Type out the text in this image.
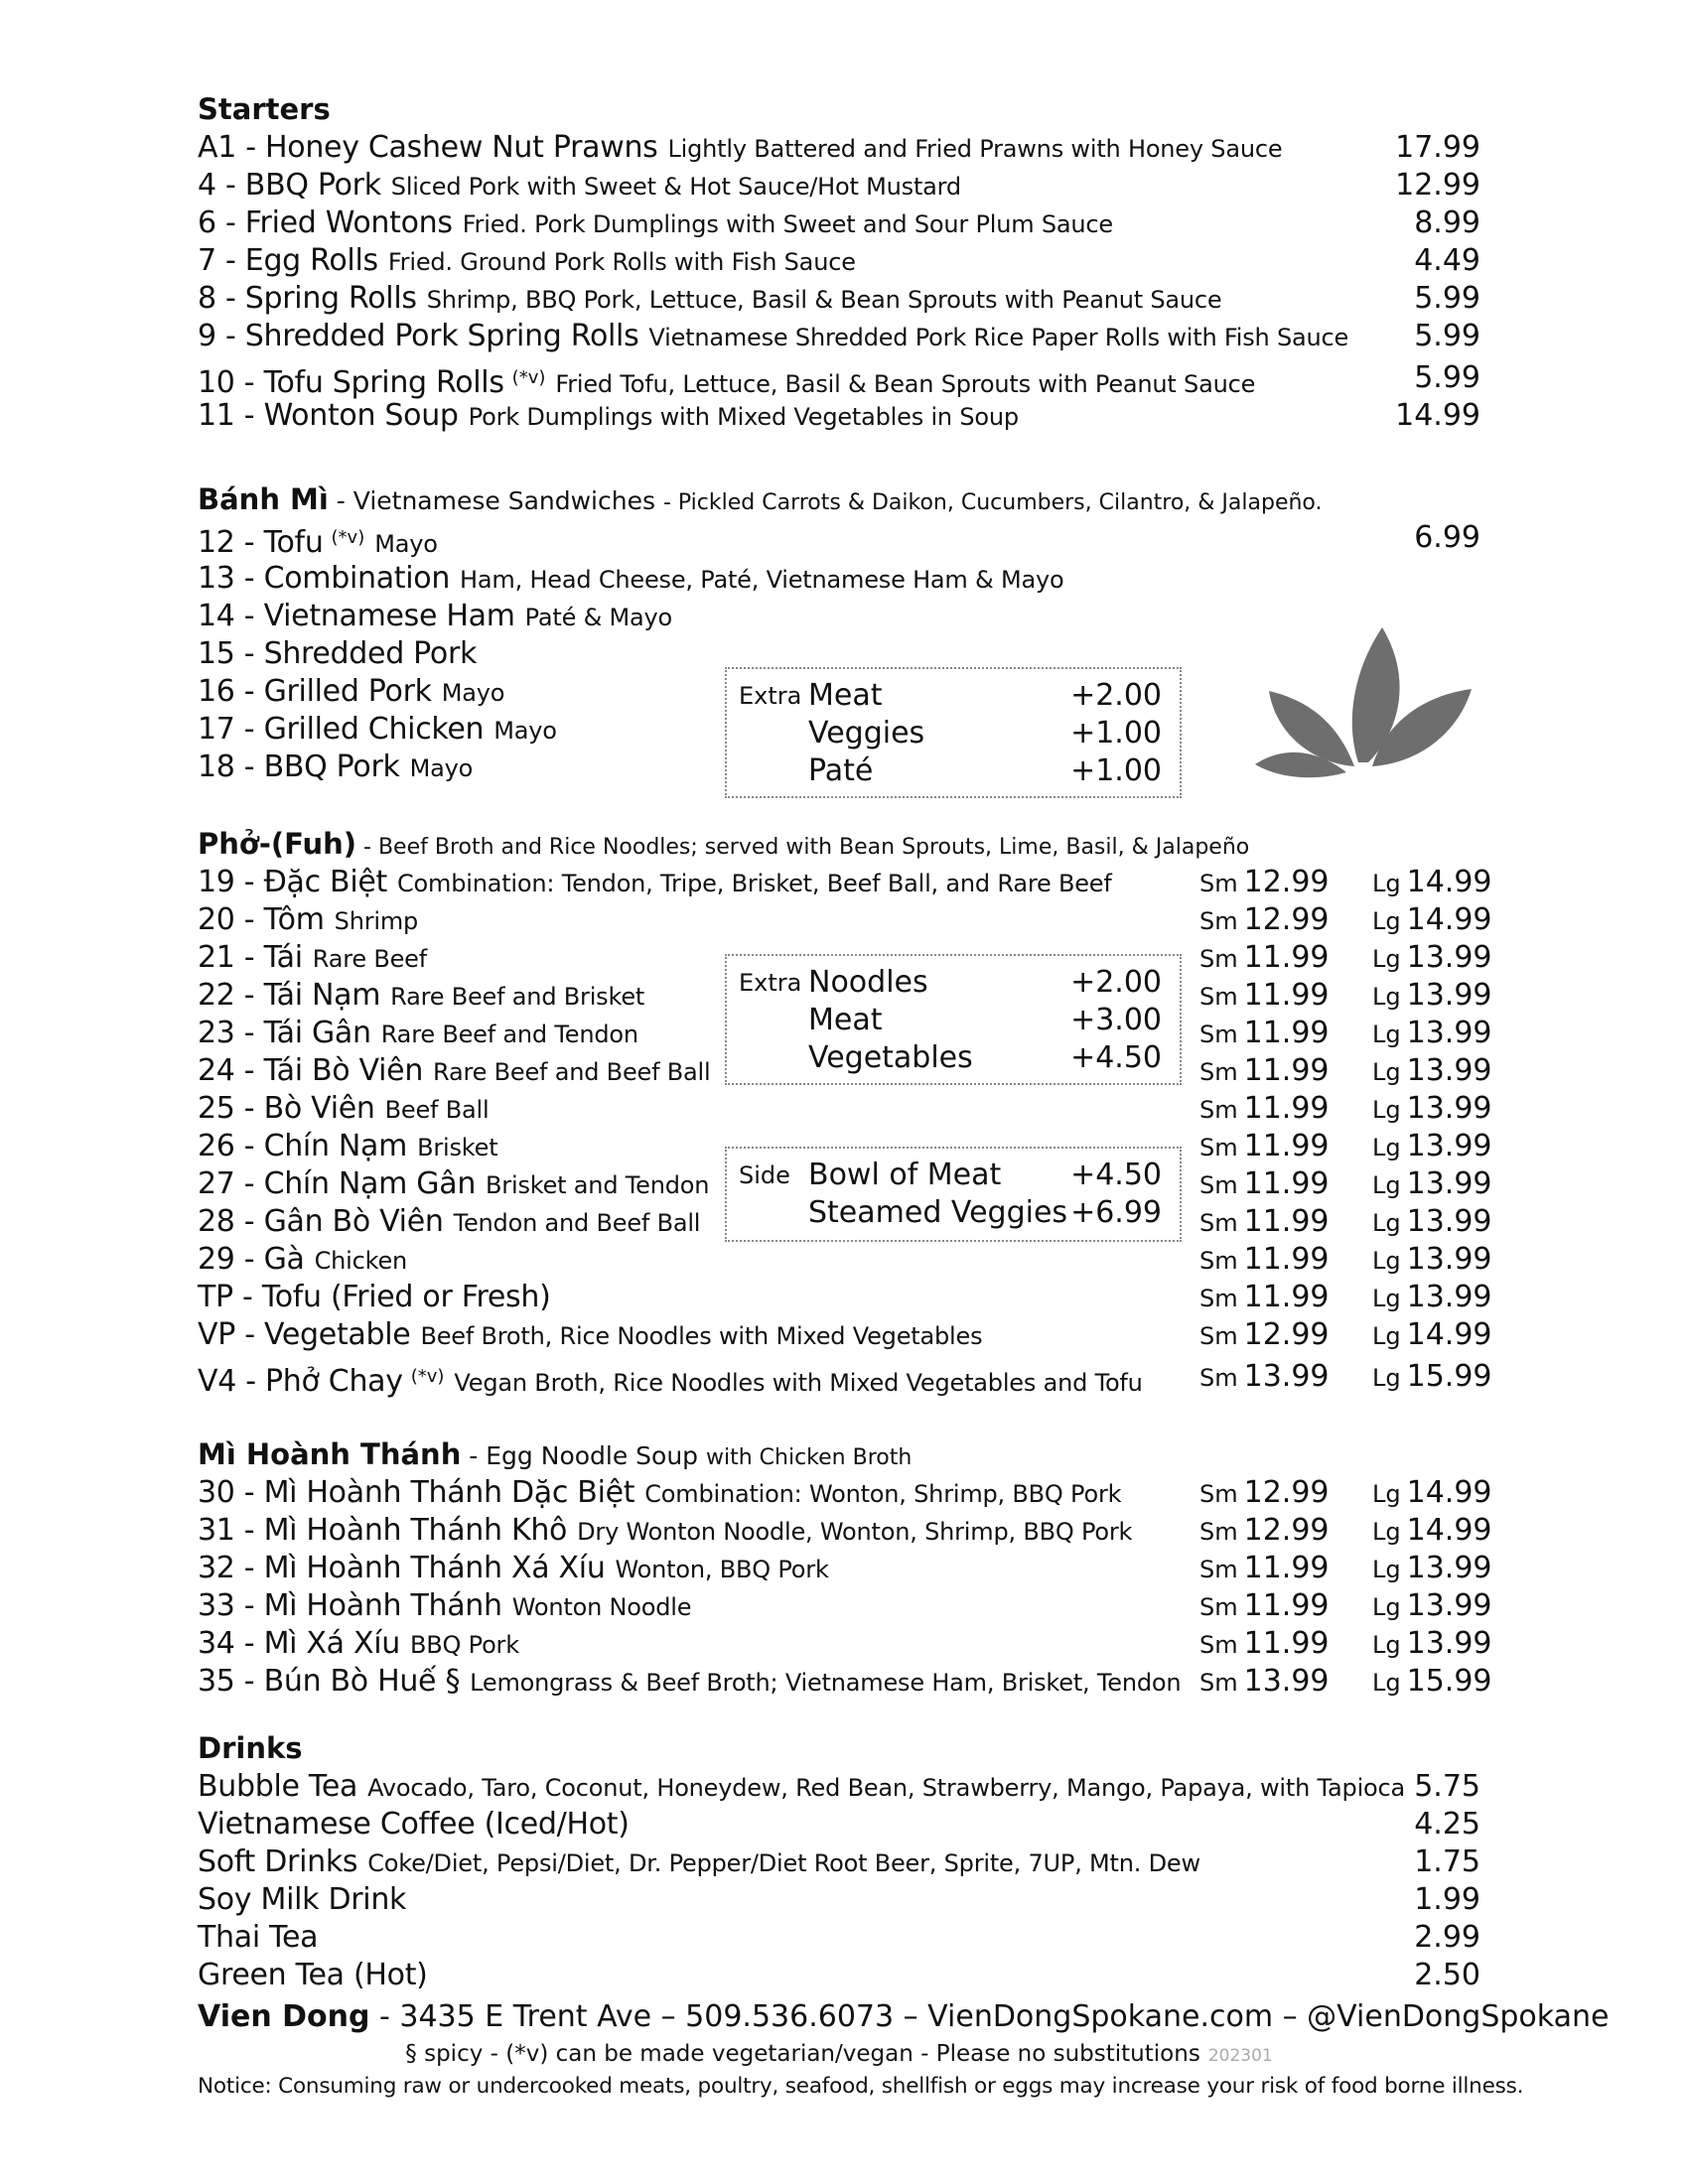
Starters
A1 - Honey Cashew Nut Prawns Lightly Battered and Fried Prawns with Honey Sauce	17.99
4 - BBQ Pork Sliced Pork with Sweet & Hot Sauce/Hot Mustard	12.99
6 - Fried Wontons Fried. Pork Dumplings with Sweet and Sour Plum Sauce	8.99
7 - Egg Rolls Fried. Ground Pork Rolls with Fish Sauce	4.49
8 - Spring Rolls Shrimp, BBQ Pork, Lettuce, Basil & Bean Sprouts with Peanut Sauce	5.99
9 - Shredded Pork Spring Rolls Vietnamese Shredded Pork Rice Paper Rolls with Fish Sauce	5.99
10 - Tofu Spring Rolls (*v) Fried Tofu, Lettuce, Basil & Bean Sprouts with Peanut Sauce	5.99
11 - Wonton Soup Pork Dumplings with Mixed Vegetables in Soup	14.99
Bánh Mì - Vietnamese Sandwiches - Pickled Carrots & Daikon, Cucumbers, Cilantro, & Jalapeño.
12 - Tofu (*v) Mayo	6.99
13 - Combination Ham, Head Cheese, Paté, Vietnamese Ham & Mayo
14 - Vietnamese Ham Paté & Mayo
15 - Shredded Pork
16 - Grilled Pork Mayo
17 - Grilled Chicken Mayo
18 - BBQ Pork Mayo
Extra Meat	+2.00
Veggies	+1.00
Paté	+1.00
Phở-(Fuh) - Beef Broth and Rice Noodles; served with Bean Sprouts, Lime, Basil, & Jalapeño
19 - Đặc Biệt Combination: Tendon, Tripe, Brisket, Beef Ball, and Rare Beef	Sm 12.99 Lg 14.99
20 - Tôm Shrimp	Sm 12.99 Lg 14.99
21 - Tái Rare Beef	Sm 11.99 Lg 13.99
22 - Tái Nạm Rare Beef and Brisket	Sm 11.99 Lg 13.99
23 - Tái Gân Rare Beef and Tendon	Sm 11.99 Lg 13.99
24 - Tái Bò Viên Rare Beef and Beef Ball	Sm 11.99 Lg 13.99
25 - Bò Viên Beef Ball	Sm 11.99 Lg 13.99
26 - Chín Nạm Brisket	Sm 11.99 Lg 13.99
27 - Chín Nạm Gân Brisket and Tendon	Sm 11.99 Lg 13.99
28 - Gân Bò Viên Tendon and Beef Ball	Sm 11.99 Lg 13.99
29 - Gà Chicken	Sm 11.99 Lg 13.99
TP - Tofu (Fried or Fresh)	Sm 11.99 Lg 13.99
VP - Vegetable Beef Broth, Rice Noodles with Mixed Vegetables	Sm 12.99 Lg 14.99
V4 - Phở Chay (*v) Vegan Broth, Rice Noodles with Mixed Vegetables and Tofu Sm 13.99 Lg 15.99
Extra Noodles	+2.00
Meat	+3.00
Vegetables	+4.50
Side Bowl of Meat +4.50
Steamed Veggies +6.99
Mì Hoành Thánh - Egg Noodle Soup with Chicken Broth
30 - Mì Hoành Thánh Dặc Biệt Combination: Wonton, Shrimp, BBQ Pork	Sm 12.99 Lg 14.99
31 - Mì Hoành Thánh Khô Dry Wonton Noodle, Wonton, Shrimp, BBQ Pork	Sm 12.99 Lg 14.99
32 - Mì Hoành Thánh Xá Xíu Wonton, BBQ Pork	Sm 11.99 Lg 13.99
33 - Mì Hoành Thánh Wonton Noodle	Sm 11.99 Lg 13.99
34 - Mì Xá Xíu BBQ Pork	Sm 11.99 Lg 13.99
35 - Bún Bò Huế § Lemongrass & Beef Broth; Vietnamese Ham, Brisket, Tendon Sm 13.99 Lg 15.99
Drinks
Bubble Tea Avocado, Taro, Coconut, Honeydew, Red Bean, Strawberry, Mango, Papaya, with Tapioca 5.75
Vietnamese Coffee (Iced/Hot)	4.25
Soft Drinks Coke/Diet, Pepsi/Diet, Dr. Pepper/Diet Root Beer, Sprite, 7UP, Mtn. Dew	1.75
Soy Milk Drink	1.99
Thai Tea	2.99
Green Tea (Hot)	2.50
Vien Dong - 3435 E Trent Ave – 509.536.6073 – VienDongSpokane.com – @VienDongSpokane
§ spicy - (*v) can be made vegetarian/vegan - Please no substitutions 202301
Notice: Consuming raw or undercooked meats, poultry, seafood, shellfish or eggs may increase your risk of food borne illness.
